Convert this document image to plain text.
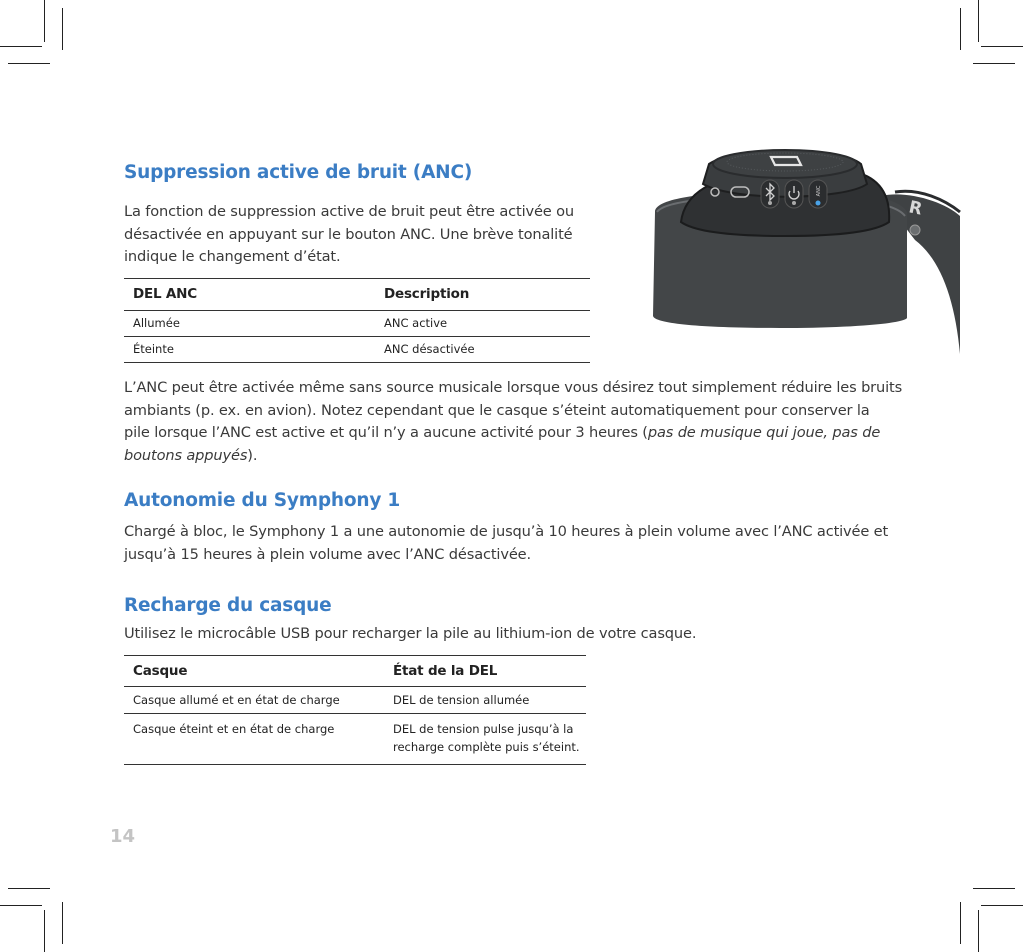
Suppression active de bruit (ANC)

La fonction de suppression active de bruit peut être activée ou
désactivée en appuyant sur le bouton ANC. Une brève tonalité
indique le changement d’état.

DEL ANC	Description
Allumée	ANC active
Éteinte	ANC désactivée

L’ANC peut être activée même sans source musicale lorsque vous désirez tout simplement réduire les bruits
ambiants (p. ex. en avion). Notez cependant que le casque s’éteint automatiquement pour conserver la
pile lorsque l’ANC est active et qu’il n’y a aucune activité pour 3 heures (pas de musique qui joue, pas de
boutons appuyés).

Autonomie du Symphony 1

Chargé à bloc, le Symphony 1 a une autonomie de jusqu’à 10 heures à plein volume avec l’ANC activée et
jusqu’à 15 heures à plein volume avec l’ANC désactivée.

Recharge du casque

Utilisez le microcâble USB pour recharger la pile au lithium-ion de votre casque.

Casque	État de la DEL
Casque allumé et en état de charge	DEL de tension allumée
Casque éteint et en état de charge	DEL de tension pulse jusqu’à la
recharge complète puis s’éteint.
R
ANC
14
